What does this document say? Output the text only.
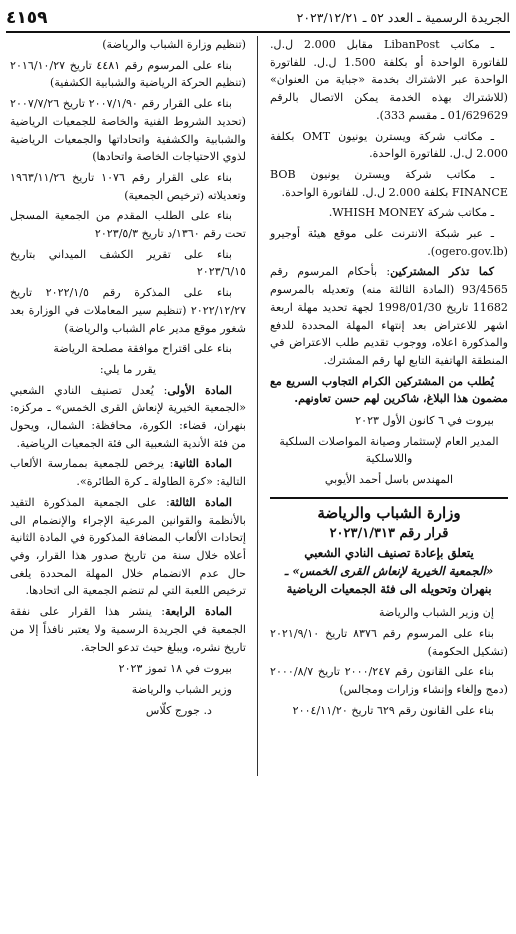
٤١٥٩	الجريدة الرسمية ـ العدد ٥٢ ـ ٢٠٢٣/١٢/٢١

ـ مكاتب LibanPost مقابل 2.000 ل.ل. للفاتورة الواحدة أو بكلفة 1.500 ل.ل. للفاتورة الواحدة عبر الاشتراك بخدمة «جباية من العنوان» (للاشتراك بهذه الخدمة يمكن الاتصال بالرقم 01/629629 ـ مقسم 333).

ـ مكاتب شركة ويسترن يونيون OMT بكلفة 2.000 ل.ل. للفاتورة الواحدة.

ـ مكاتب شركة ويسترن يونيون BOB FINANCE بكلفة 2.000 ل.ل. للفاتورة الواحدة.

ـ مكاتب شركة WHISH MONEY.

ـ عبر شبكة الانترنت على موقع هيئة أوجيرو (ogero.gov.lb).

كما تذكر المشتركين: بأحكام المرسوم رقم 93/4565 (المادة الثالثة منه) وتعديله بالمرسوم 11682 تاريخ 1998/01/30 لجهة تحديد مهلة اربعة اشهر للاعتراض بعد إنتهاء المهلة المحددة للدفع والمذكورة اعلاه، ووجوب تقديم طلب الاعتراض في المنطقة الهاتفية التابع لها رقم المشترك.

يُطلب من المشتركين الكرام التجاوب السريع مع مضمون هذا البلاغ، شاكرين لهم حسن تعاونهم.

بيروت في ٦ كانون الأول ٢٠٢٣

المدير العام لإستثمار وصيانة المواصلات السلكية واللاسلكية

المهندس باسل أحمد الأيوبي

وزارة الشباب والرياضة
قرار رقم ٢٠٢٣/١/٣١٣
يتعلق بإعادة تصنيف النادي الشعبي
«الجمعية الخيرية لإنعاش القرى الخمس» ـ
بنهران وتحويله الى فئة الجمعيات الرياضية

إن وزير الشباب والرياضة

بناء على المرسوم رقم ٨٣٧٦ تاريخ ٢٠٢١/٩/١٠ (تشكيل الحكومة)

بناء على القانون رقم ٢٠٠٠/٢٤٧ تاريخ ٢٠٠٠/٨/٧ (دمج وإلغاء وإنشاء وزارات ومجالس)

بناء على القانون رقم ٦٢٩ تاريخ ٢٠٠٤/١١/٢٠

(تنظيم وزارة الشباب والرياضة)

بناء على المرسوم رقم ٤٤٨١ تاريخ ٢٠١٦/١٠/٢٧ (تنظيم الحركة الرياضية والشبابية الكشفية)

بناء على القرار رقم ٢٠٠٧/١/٩٠ تاريخ ٢٠٠٧/٧/٢٦ (تحديد الشروط الفنية والخاصة للجمعيات الرياضية والشبابية والكشفية واتحاداتها والجمعيات الرياضية لذوي الاحتياجات الخاصة واتحادها)

بناء على القرار رقم ١٠٧٦ تاريخ ١٩٦٣/١١/٢٦ وتعديلاته (ترخيص الجمعية)

بناء على الطلب المقدم من الجمعية المسجل تحت رقم ١٣٦٠/د تاريخ ٢٠٢٣/٥/٣

بناء على تقرير الكشف الميداني بتاريخ ٢٠٢٣/٦/١٥

بناء على المذكرة رقم ٢٠٢٢/١/٥ تاريخ ٢٠٢٢/١٢/٢٧ (تنظيم سير المعاملات في الوزارة بعد شغور موقع مدير عام الشباب والرياضة)

بناء على اقتراح موافقة مصلحة الرياضة

يقرر ما يلي:

المادة الأولى: يُعدل تصنيف النادي الشعبي «الجمعية الخيرية لإنعاش القرى الخمس» ـ مركزه: بنهران، قضاء: الكورة، محافظة: الشمال، ويحول من فئة الأندية الشعبية الى فئة الجمعيات الرياضية.

المادة الثانية: يرخص للجمعية بممارسة الألعاب التالية: «كرة الطاولة ـ كرة الطائرة».

المادة الثالثة: على الجمعية المذكورة التقيد بالأنظمة والقوانين المرعية الإجراء والإنضمام الى إتحادات الألعاب المضافة المذكورة في المادة الثانية أعلاه خلال سنة من تاريخ صدور هذا القرار، وفي حال عدم الانضمام خلال المهلة المحددة يلغى ترخيص اللعبة التي لم تنضم الجمعية الى اتحادها.

المادة الرابعة: ينشر هذا القرار على نفقة الجمعية في الجريدة الرسمية ولا يعتبر نافذاً إلا من تاريخ نشره، ويبلغ حيث تدعو الحاجة.

بيروت في ١٨ تموز ٢٠٢٣

وزير الشباب والرياضة

د. جورج كلّاس
